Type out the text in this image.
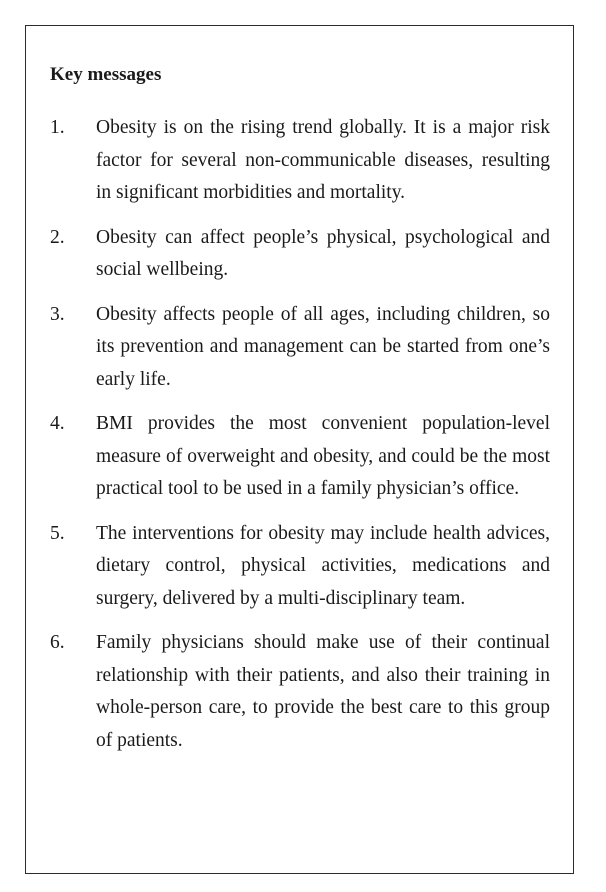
Key messages
1. Obesity is on the rising trend globally. It is a major risk factor for several non-communicable diseases, resulting in significant morbidities and mortality.
2. Obesity can affect people’s physical, psychological and social wellbeing.
3. Obesity affects people of all ages, including children, so its prevention and management can be started from one’s early life.
4. BMI provides the most convenient population-level measure of overweight and obesity, and could be the most practical tool to be used in a family physician’s office.
5. The interventions for obesity may include health advices, dietary control, physical activities, medications and surgery, delivered by a multi-disciplinary team.
6. Family physicians should make use of their continual relationship with their patients, and also their training in whole-person care, to provide the best care to this group of patients.
